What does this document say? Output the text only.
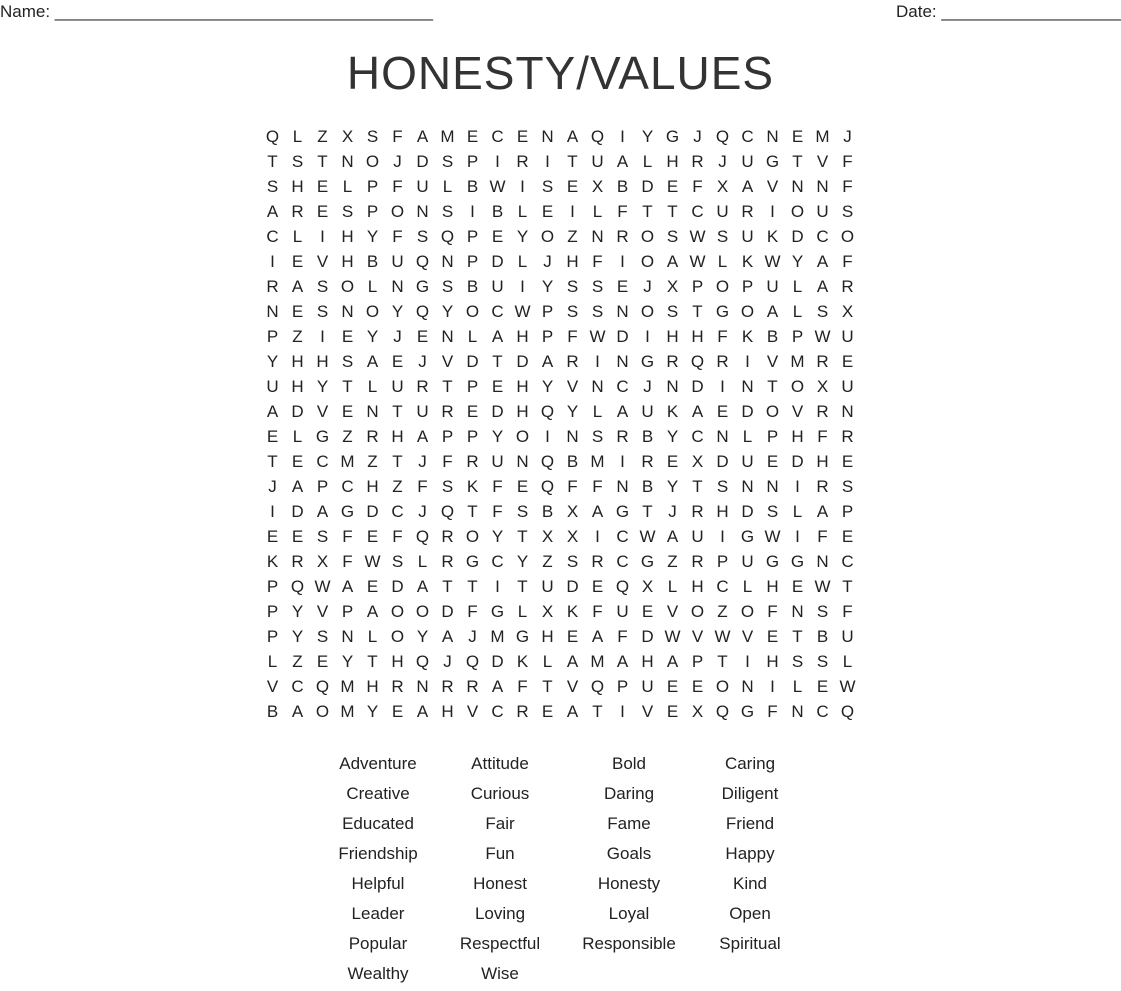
Name: ________________________________________	Date: ___________________
HONESTY/VALUES
Q L Z X S F A M E C E N A Q I Y G J Q C N E M J
T S T N O J D S P I R I	T U A L H R J U G T V F
S H E L P F U L B W I S E X B D E F X A V N N F
A R E S P O N S I B L E I	L F T T C U R I O U S
C L	I H Y F S Q P E Y O Z N R O S W S U K D C O
I E V H B U Q N P D L J H F	I O A W L K W Y A F
R A S O L N G S B U I Y S S E J X P O P U L A R
N E S N O Y Q Y O C W P S S N O S T G O A L S X
P Z	I E Y J E N L A H P F W D I H H F K B P W U
Y H H S A E J V D T D A R I N G R Q R I V M R E
U H Y T L U R T P E H Y V N C J N D I N T O X U
A D V E N T U R E D H Q Y L A U K A E D O V R N
E L G Z R H A P P Y O I N S R B Y C N L P H F R
T E C M Z T J F R U N Q B M I R E X D U E D H E
J A P C H Z F S K F E Q F F N B Y T S N N I R S
I D A G D C J Q T F S B X A G T J R H D S L A P
E E S F E F Q R O Y T X X I C W A U I G W I	F E
K R X F W S L R G C Y Z S R C G Z R P U G G N C
P Q W A E D A T T	I	T U D E Q X L H C L H E W T
P Y V P A O O D F G L X K F U E V O Z O F N S F
P Y S N L O Y A J M G H E A F D W V W V E T B U
L Z E Y T H Q J Q D K L A M A H A P T	I H S S L
V C Q M H R N R R A F T V Q P U E E O N I	L E W
B A O M Y E A H V C R E A T	I V E X Q G F N C Q
Adventure	Attitude	Bold	Caring
Creative	Curious	Daring	Diligent
Educated	Fair	Fame	Friend
Friendship	Fun	Goals	Happy
Helpful	Honest	Honesty	Kind
Leader	Loving	Loyal	Open
Popular	Respectful	Responsible	Spiritual
Wealthy	Wise
